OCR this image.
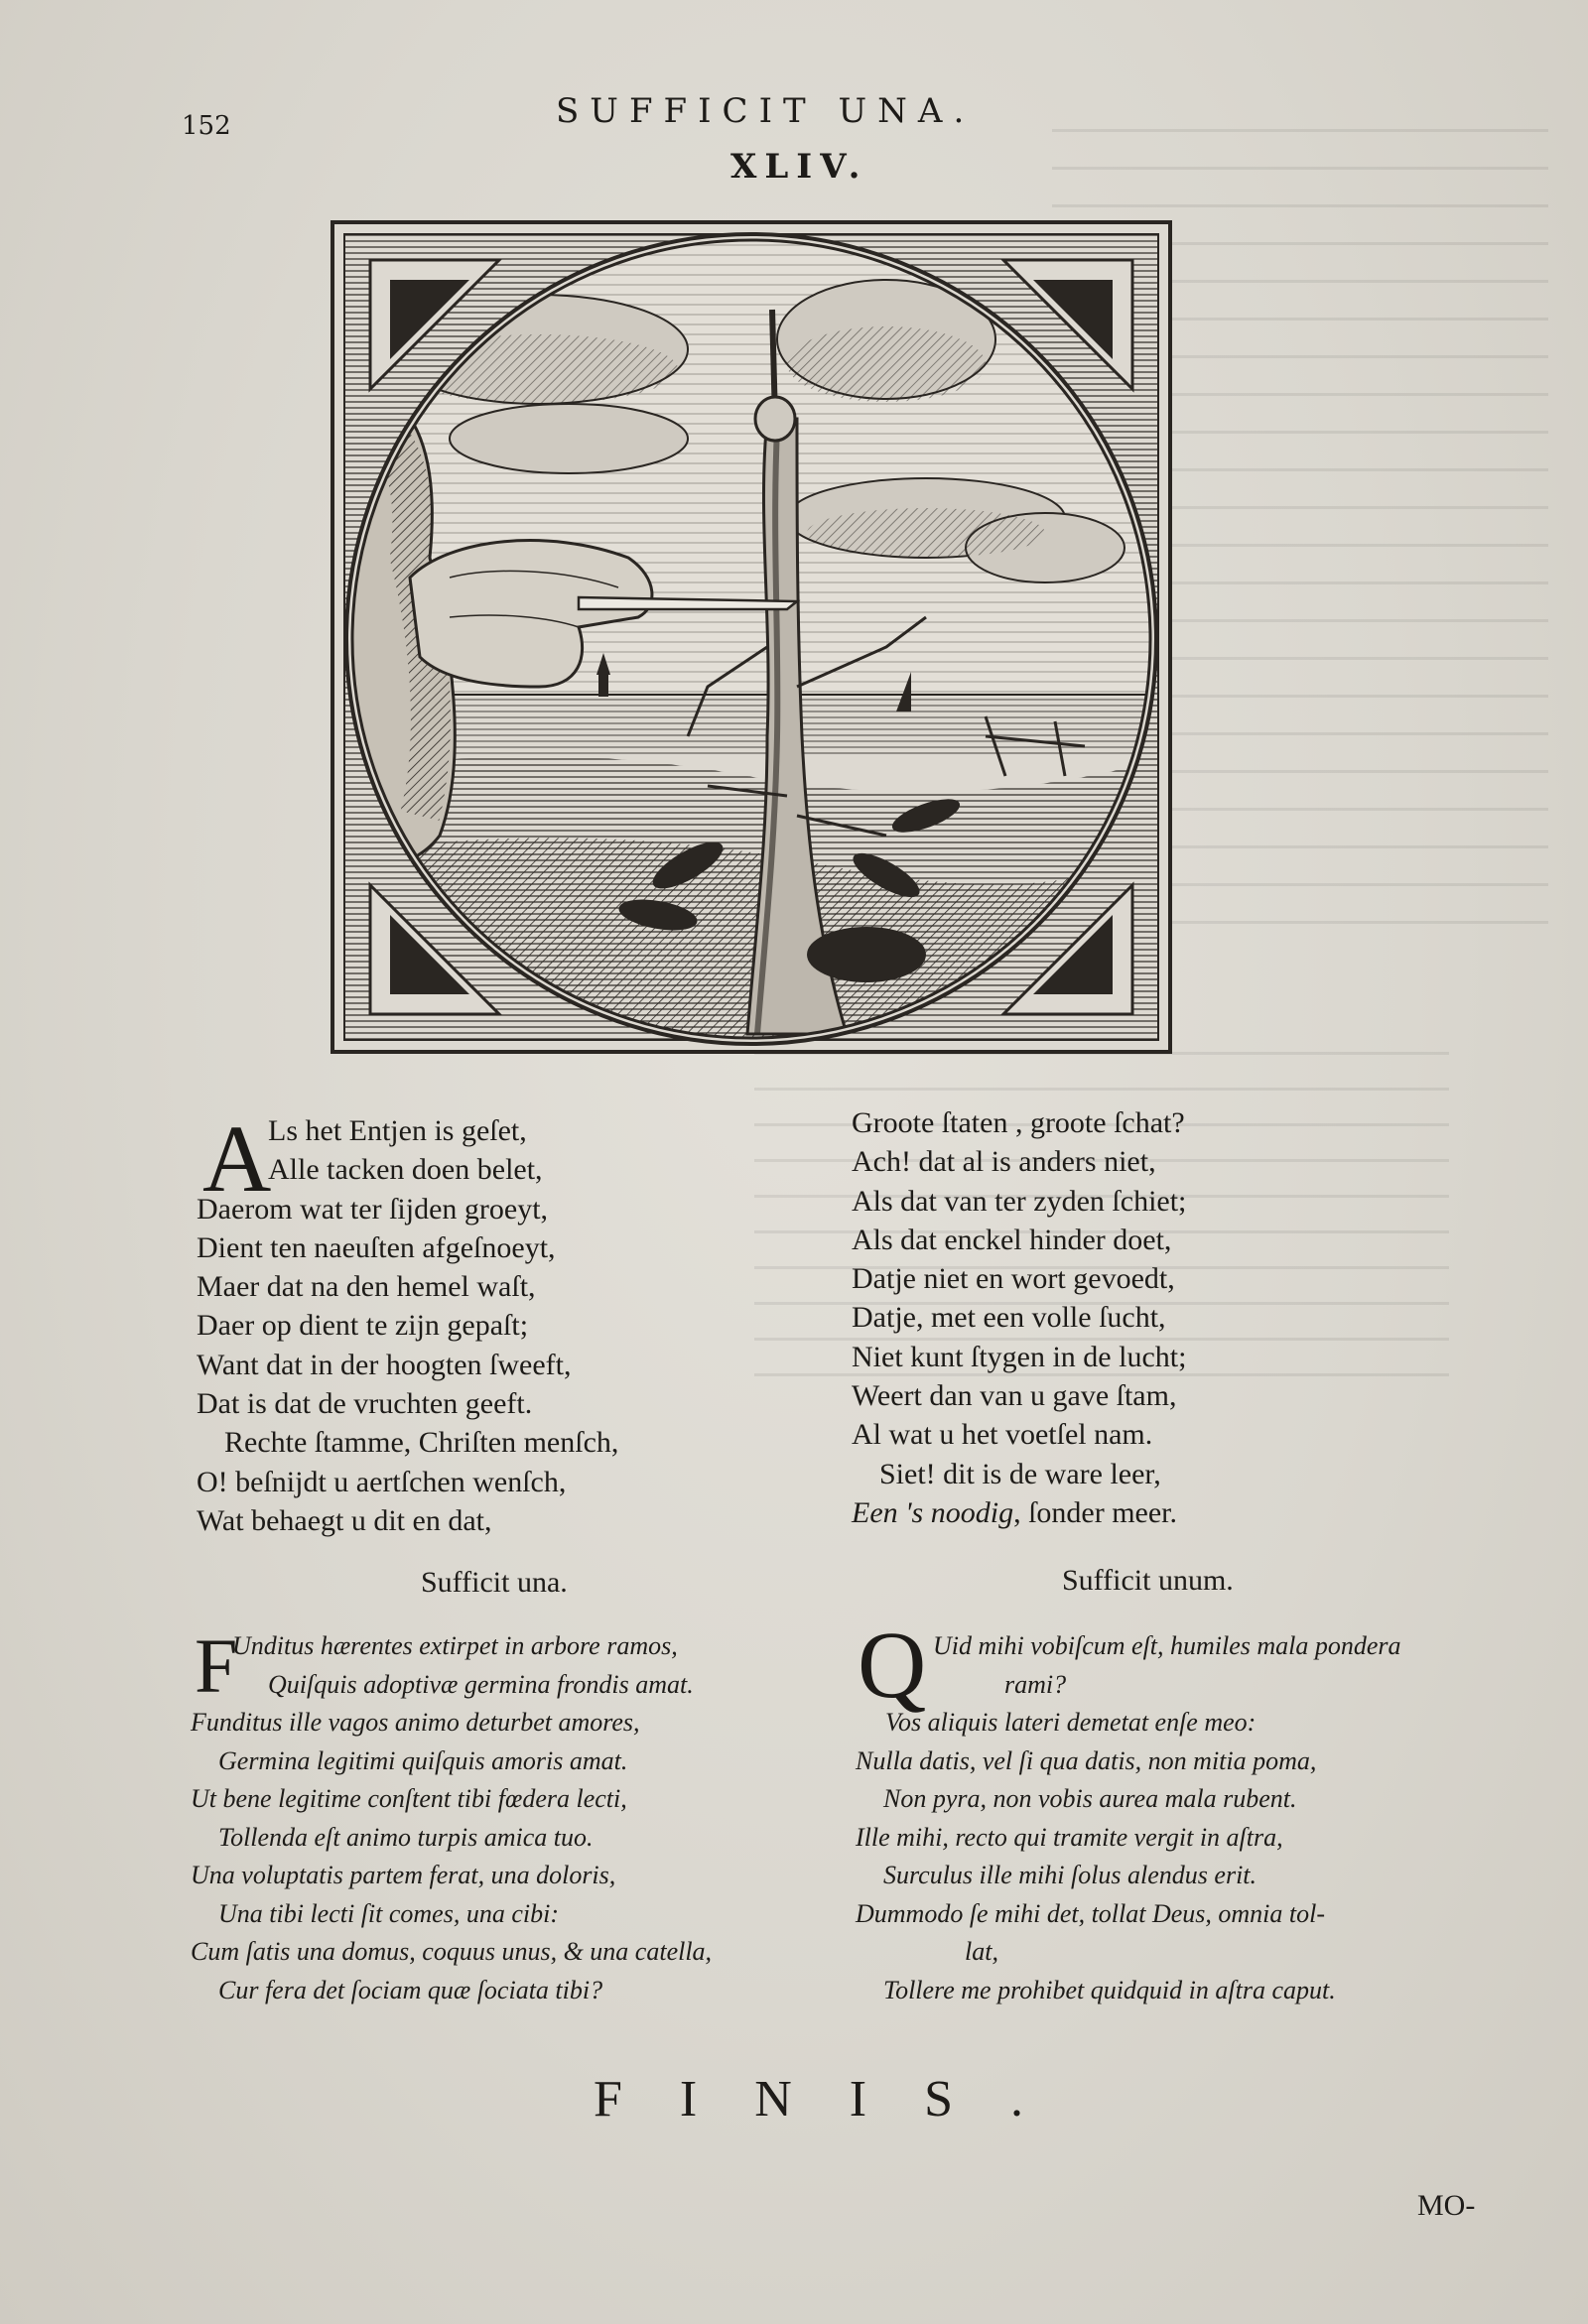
152	SUFFICIT UNA.
XLIV.
A
Ls het Entjen is geſet,
Alle tacken doen belet,
Daerom wat ter ſijden groeyt,
Dient ten naeuſten afgeſnoeyt,
Maer dat na den hemel waſt,
Daer op dient te zijn gepaſt;
Want dat in der hoogten ſweeft,
Dat is dat de vruchten geeft.
Rechte ſtamme, Chriſten menſch,
O! beſnijdt u aertſchen wenſch,
Wat behaegt u dit en dat,
Groote ſtaten , groote ſchat?
Ach! dat al is anders niet,
Als dat van ter zyden ſchiet;
Als dat enckel hinder doet,
Datje niet en wort gevoedt,
Datje, met een volle ſucht,
Niet kunt ſtygen in de lucht;
Weert dan van u gave ſtam,
Al wat u het voetſel nam.
Siet! dit is de ware leer,
Een 's noodig, ſonder meer.
Sufficit una.	Sufficit unum.
F
Unditus hærentes extirpet in arbore ramos,
Quiſquis adoptivæ germina frondis amat.
Funditus ille vagos animo deturbet amores,
Germina legitimi quiſquis amoris amat.
Ut bene legitime conſtent tibi fœdera lecti,
Tollenda eſt animo turpis amica tuo.
Una voluptatis partem ferat, una doloris,
Una tibi lecti ſit comes, una cibi:
Cum ſatis una domus, coquus unus, & una catella,
Cur fera det ſociam quæ ſociata tibi?
Q Uid mihi vobiſcum eſt, humiles mala pondera
rami?
Vos aliquis lateri demetat enſe meo:
Nulla datis, vel ſi qua datis, non mitia poma,
Non pyra, non vobis aurea mala rubent.
Ille mihi, recto qui tramite vergit in aſtra,
Surculus ille mihi ſolus alendus erit.
Dummodo ſe mihi det, tollat Deus, omnia tol-
lat,
Tollere me prohibet quidquid in aſtra caput.
FINIS.
MO-
